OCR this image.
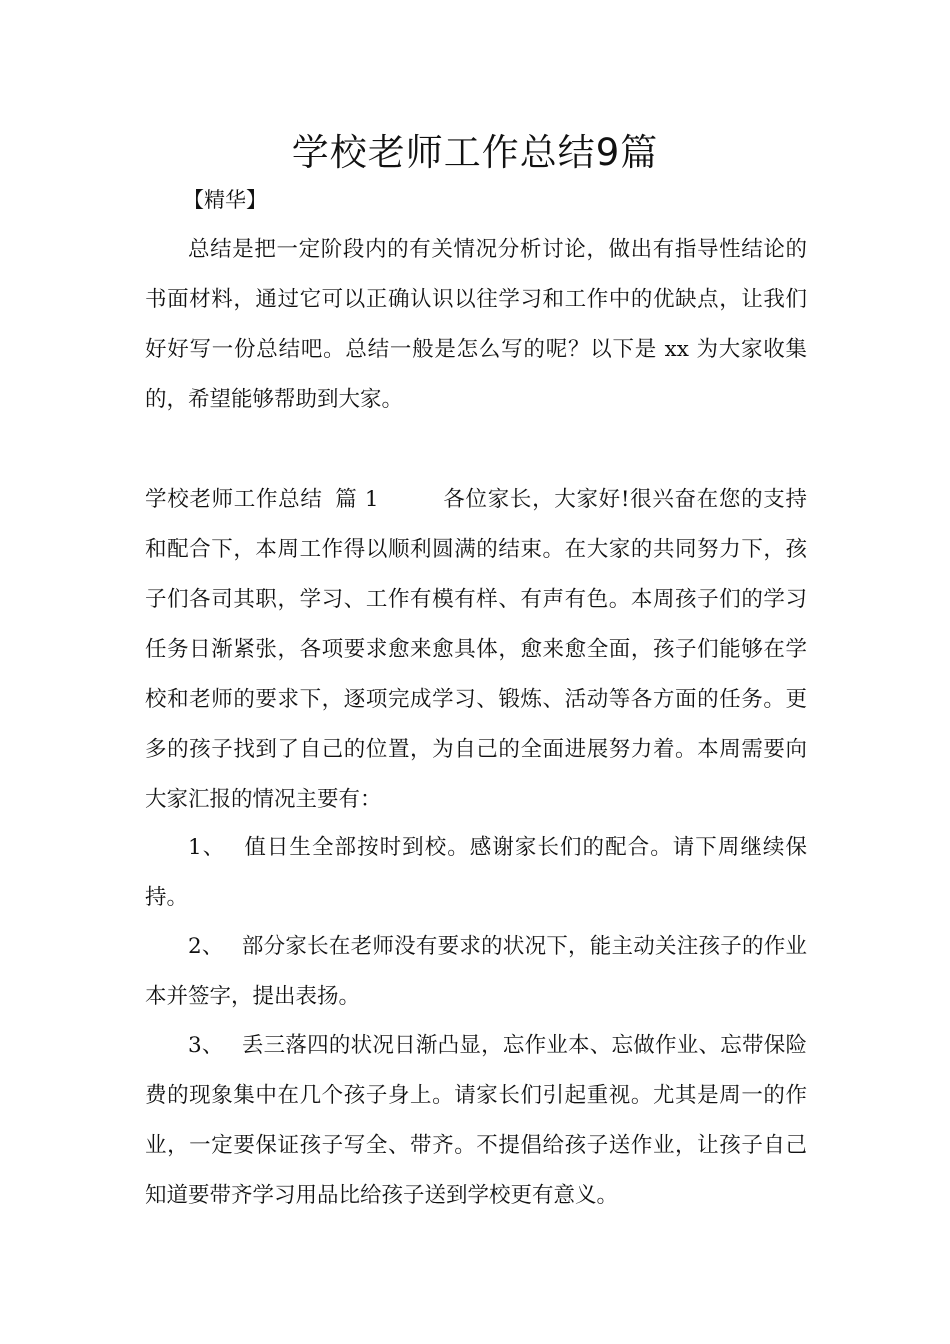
学校老师工作总结9篇
【精华】

总结是把一定阶段内的有关情况分析讨论，做出有指导性结论的书面材料，通过它可以正确认识以往学习和工作中的优缺点，让我们好好写一份总结吧。总结一般是怎么写的呢？以下是 xx 为大家收集的，希望能够帮助到大家。

学校老师工作总结 篇 1	各位家长，大家好!很兴奋在您的支持和配合下，本周工作得以顺利圆满的结束。在大家的共同努力下，孩子们各司其职，学习、工作有模有样、有声有色。本周孩子们的学习任务日渐紧张，各项要求愈来愈具体，愈来愈全面，孩子们能够在学校和老师的要求下，逐项完成学习、锻炼、活动等各方面的任务。更多的孩子找到了自己的位置，为自己的全面进展努力着。本周需要向大家汇报的情况主要有：

1、 值日生全部按时到校。感谢家长们的配合。请下周继续保持。

2、 部分家长在老师没有要求的状况下，能主动关注孩子的作业本并签字，提出表扬。

3、 丢三落四的状况日渐凸显，忘作业本、忘做作业、忘带保险费的现象集中在几个孩子身上。请家长们引起重视。尤其是周一的作业，一定要保证孩子写全、带齐。不提倡给孩子送作业，让孩子自己知道要带齐学习用品比给孩子送到学校更有意义。
